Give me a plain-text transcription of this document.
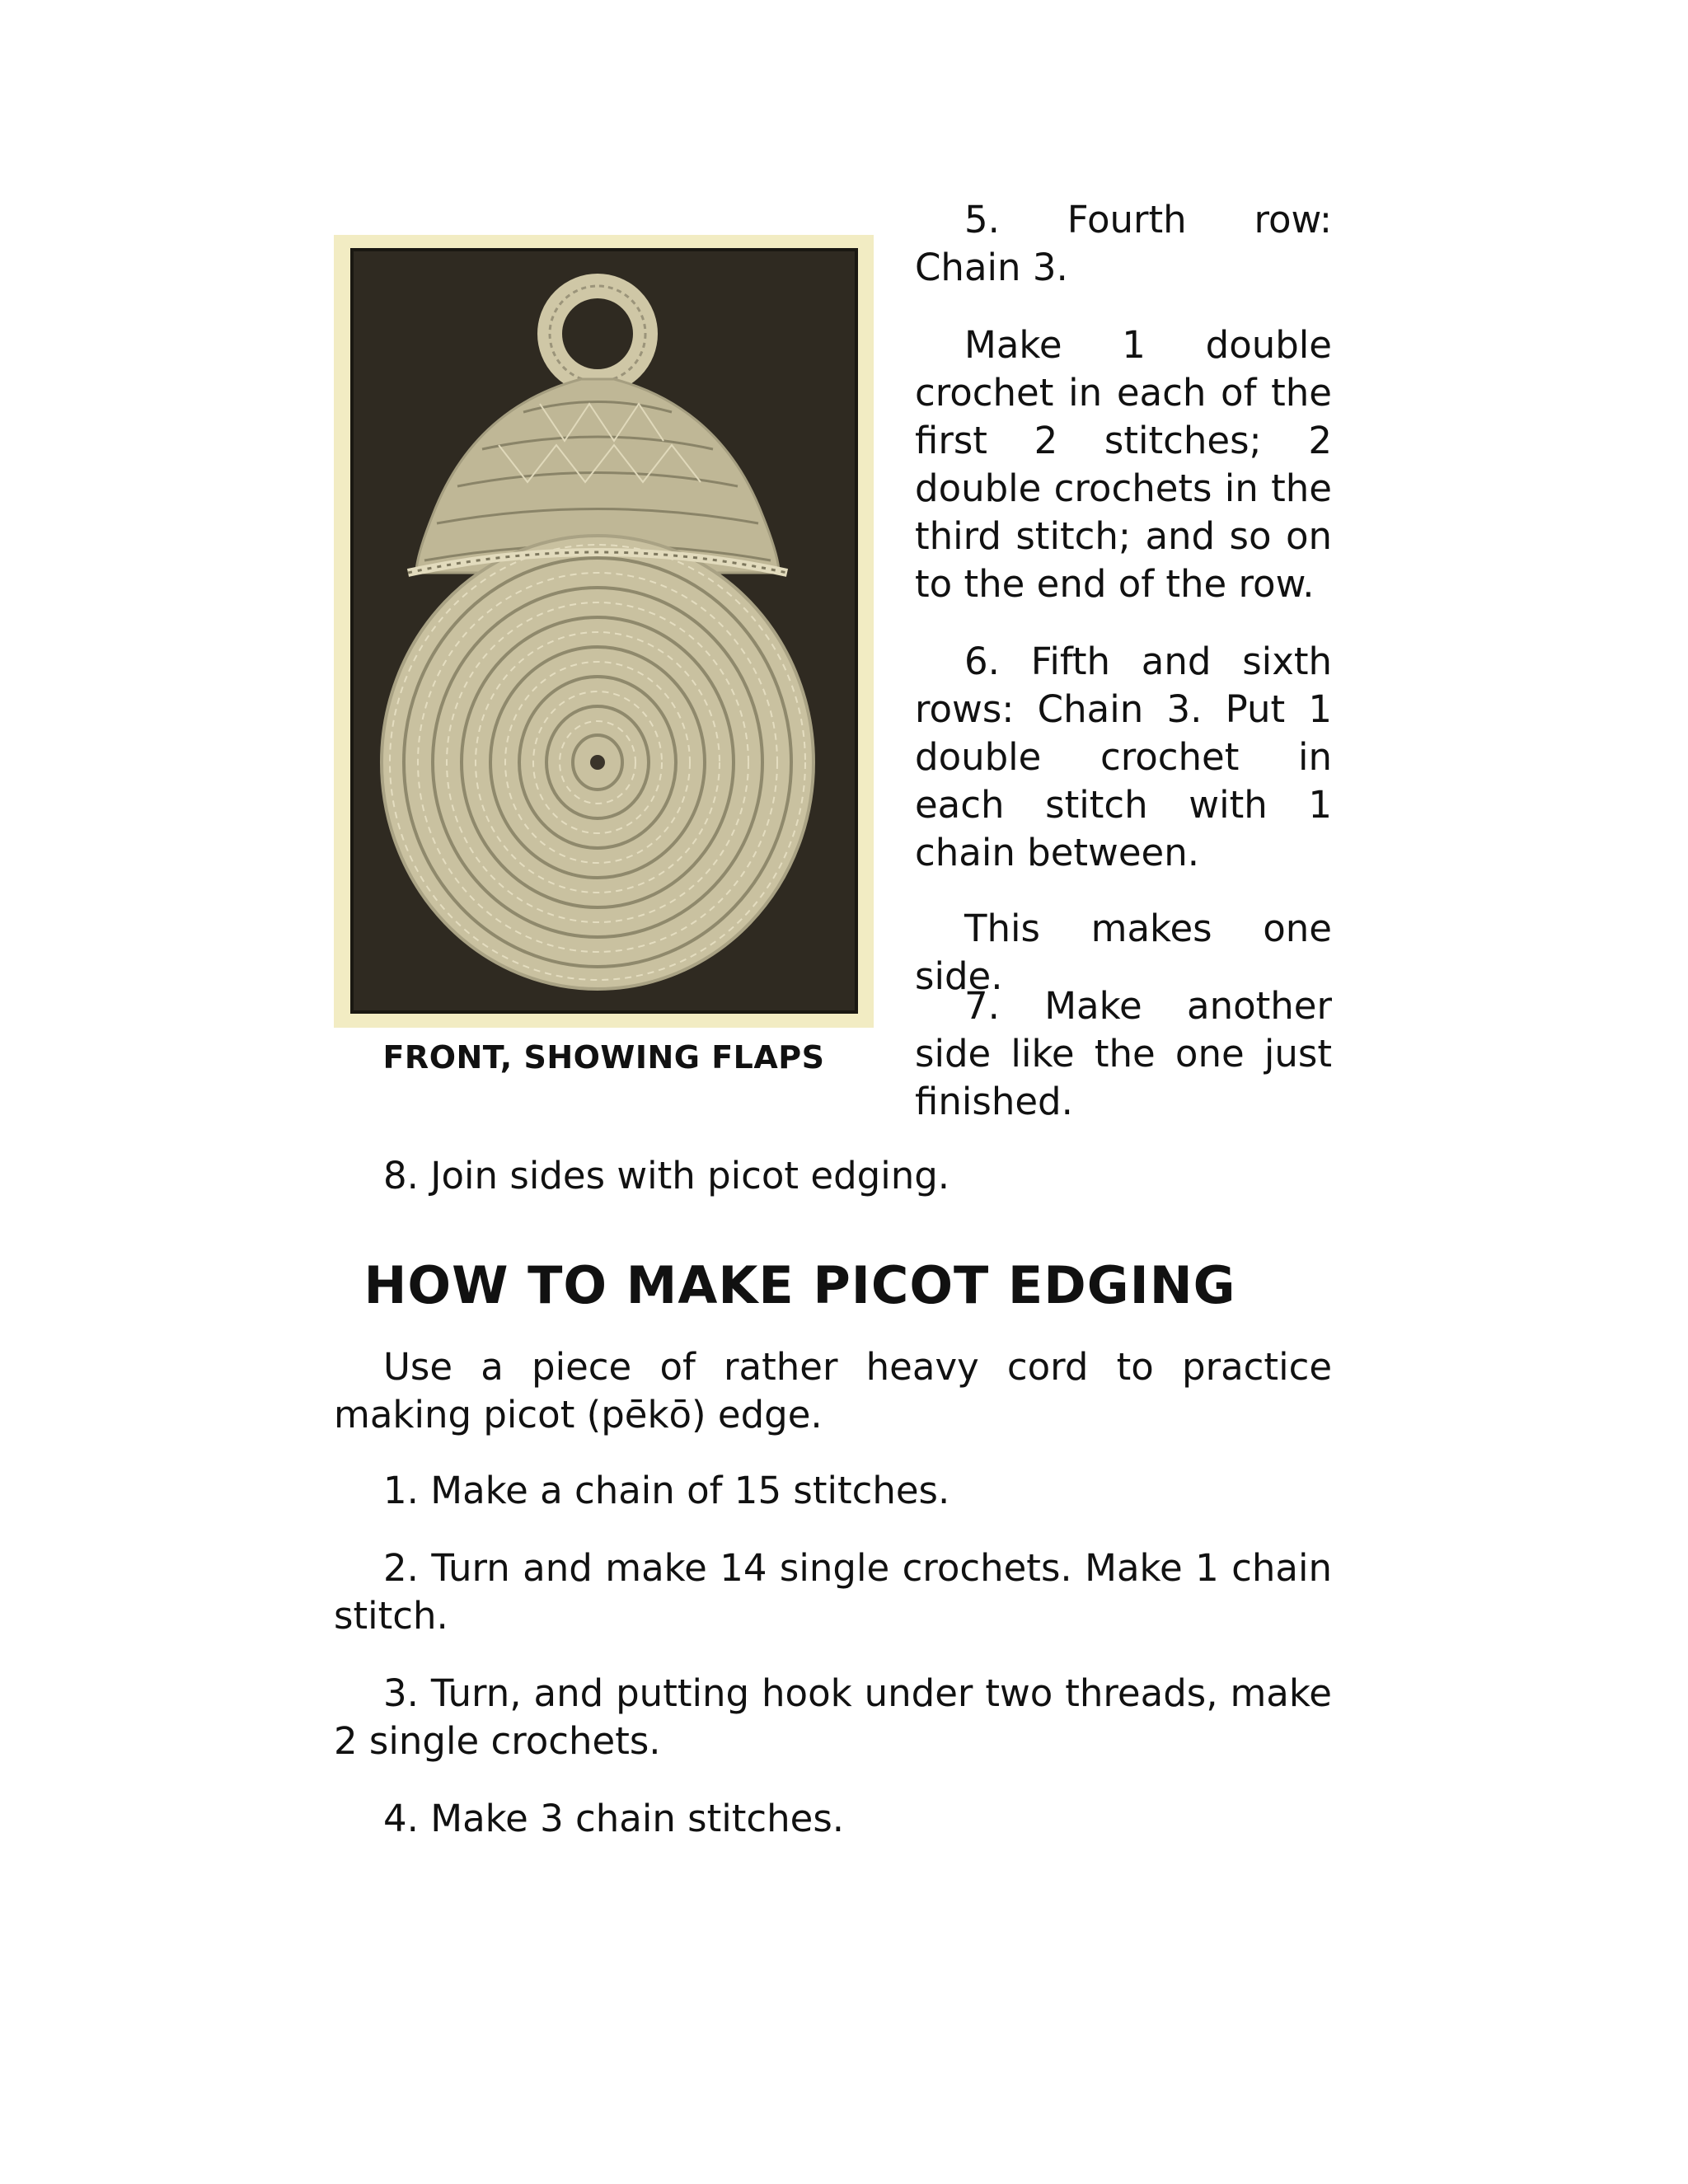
FRONT, SHOWING FLAPS

5. Fourth row: Chain 3.

Make 1 double crochet in each of the first 2 stitches; 2 double crochets in the third stitch; and so on to the end of the row.

6. Fifth and sixth rows: Chain 3. Put 1 double crochet in each stitch with 1 chain between.

This makes one side.

7. Make another side like the one just finished.

8. Join sides with picot edging.

HOW TO MAKE PICOT EDGING

Use a piece of rather heavy cord to practice making picot (pēkō) edge.

1. Make a chain of 15 stitches.

2. Turn and make 14 single crochets. Make 1 chain stitch.

3. Turn, and putting hook under two threads, make 2 single crochets.

4. Make 3 chain stitches.
